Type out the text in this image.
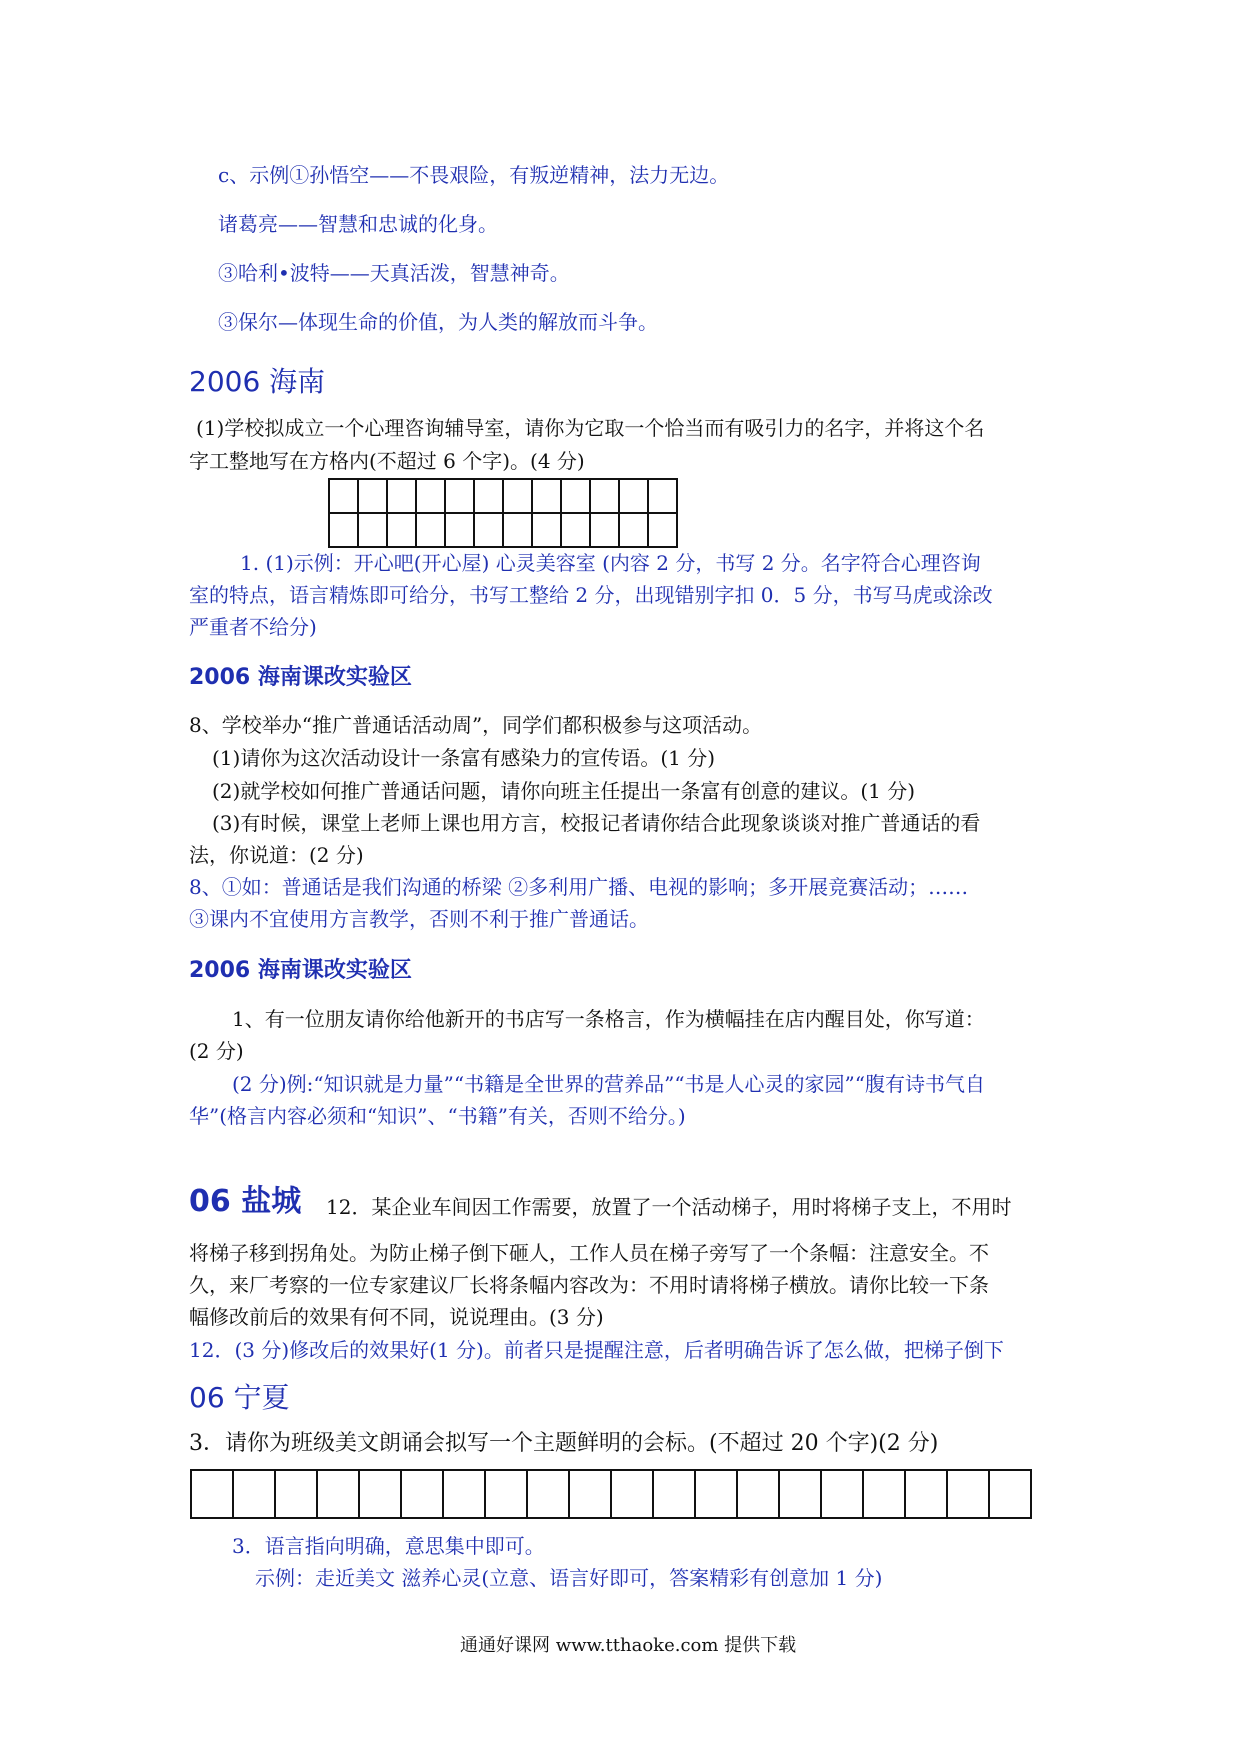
c、示例①孙悟空——不畏艰险，有叛逆精神，法力无边。
诸葛亮——智慧和忠诚的化身。
③哈利•波特——天真活泼，智慧神奇。
③保尔—体现生命的价值，为人类的解放而斗争。
2006 海南
(1)学校拟成立一个心理咨询辅导室，请你为它取一个恰当而有吸引力的名字，并将这个名
字工整地写在方格内(不超过 6 个字)。(4 分)

1. (1)示例：开心吧(开心屋) 心灵美容室 (内容 2 分，书写 2 分。名字符合心理咨询
室的特点，语言精炼即可给分，书写工整给 2 分，出现错别字扣 0．5 分，书写马虎或涂改
严重者不给分)
2006 海南课改实验区
8、学校举办“推广普通话活动周”，同学们都积极参与这项活动。
(1)请你为这次活动设计一条富有感染力的宣传语。(1 分)
(2)就学校如何推广普通话问题，请你向班主任提出一条富有创意的建议。(1 分)
(3)有时候，课堂上老师上课也用方言，校报记者请你结合此现象谈谈对推广普通话的看
法，你说道：(2 分)
8、①如：普通话是我们沟通的桥梁 ②多利用广播、电视的影响；多开展竞赛活动；……
③课内不宜使用方言教学，否则不利于推广普通话。
2006 海南课改实验区
1、有一位朋友请你给他新开的书店写一条格言，作为横幅挂在店内醒目处，你写道：
(2 分)
(2 分)例:“知识就是力量”“书籍是全世界的营养品”“书是人心灵的家园”“腹有诗书气自
华”(格言内容必须和“知识”、“书籍”有关，否则不给分。)
06 盐城 12．某企业车间因工作需要，放置了一个活动梯子，用时将梯子支上，不用时
将梯子移到拐角处。为防止梯子倒下砸人，工作人员在梯子旁写了一个条幅：注意安全。不
久，来厂考察的一位专家建议厂长将条幅内容改为：不用时请将梯子横放。请你比较一下条
幅修改前后的效果有何不同，说说理由。(3 分)
12．(3 分)修改后的效果好(1 分)。前者只是提醒注意，后者明确告诉了怎么做，把梯子倒下
06 宁夏
3．请你为班级美文朗诵会拟写一个主题鲜明的会标。(不超过 20 个字)(2 分)

3．语言指向明确，意思集中即可。
示例：走近美文 滋养心灵(立意、语言好即可，答案精彩有创意加 1 分)
通通好课网 www.tthaoke.com 提供下载
